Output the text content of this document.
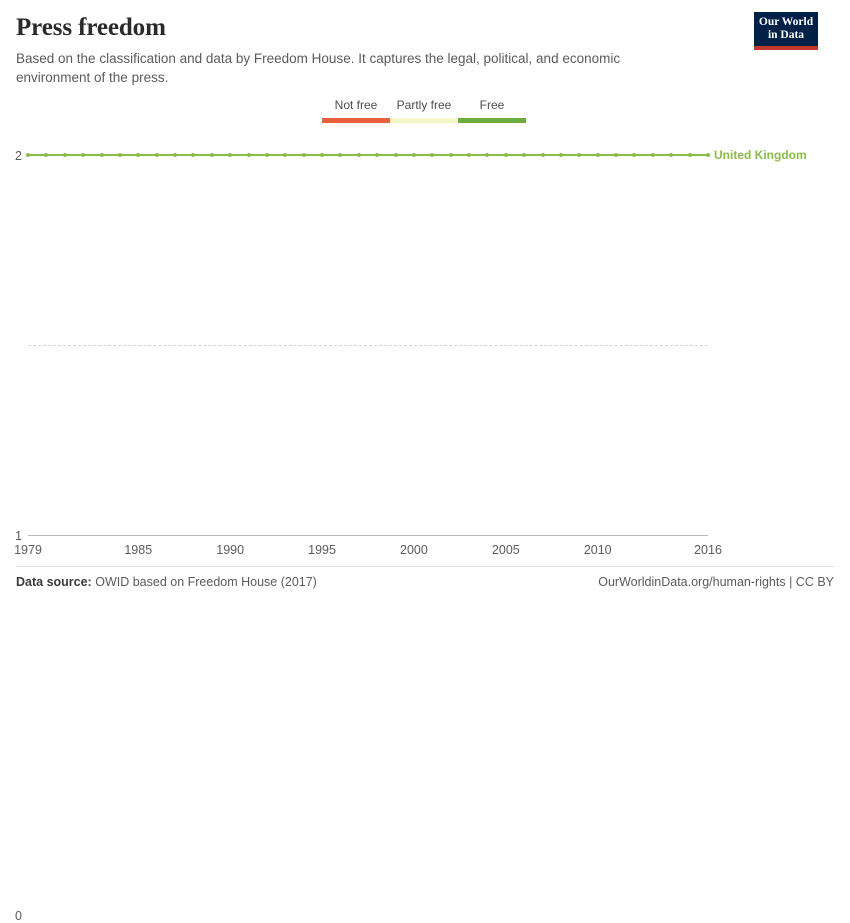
Press freedom

Based on the classification and data by Freedom House. It captures the legal, political, and economic environment of the press.

Our World
in Data
Not free	Partly free	Free
0
1
2	United Kingdom
1979	1985	1990	1995	2000	2005	2010	2016
Data source: OWID based on Freedom House (2017)	OurWorldinData.org/human-rights | CC BY
